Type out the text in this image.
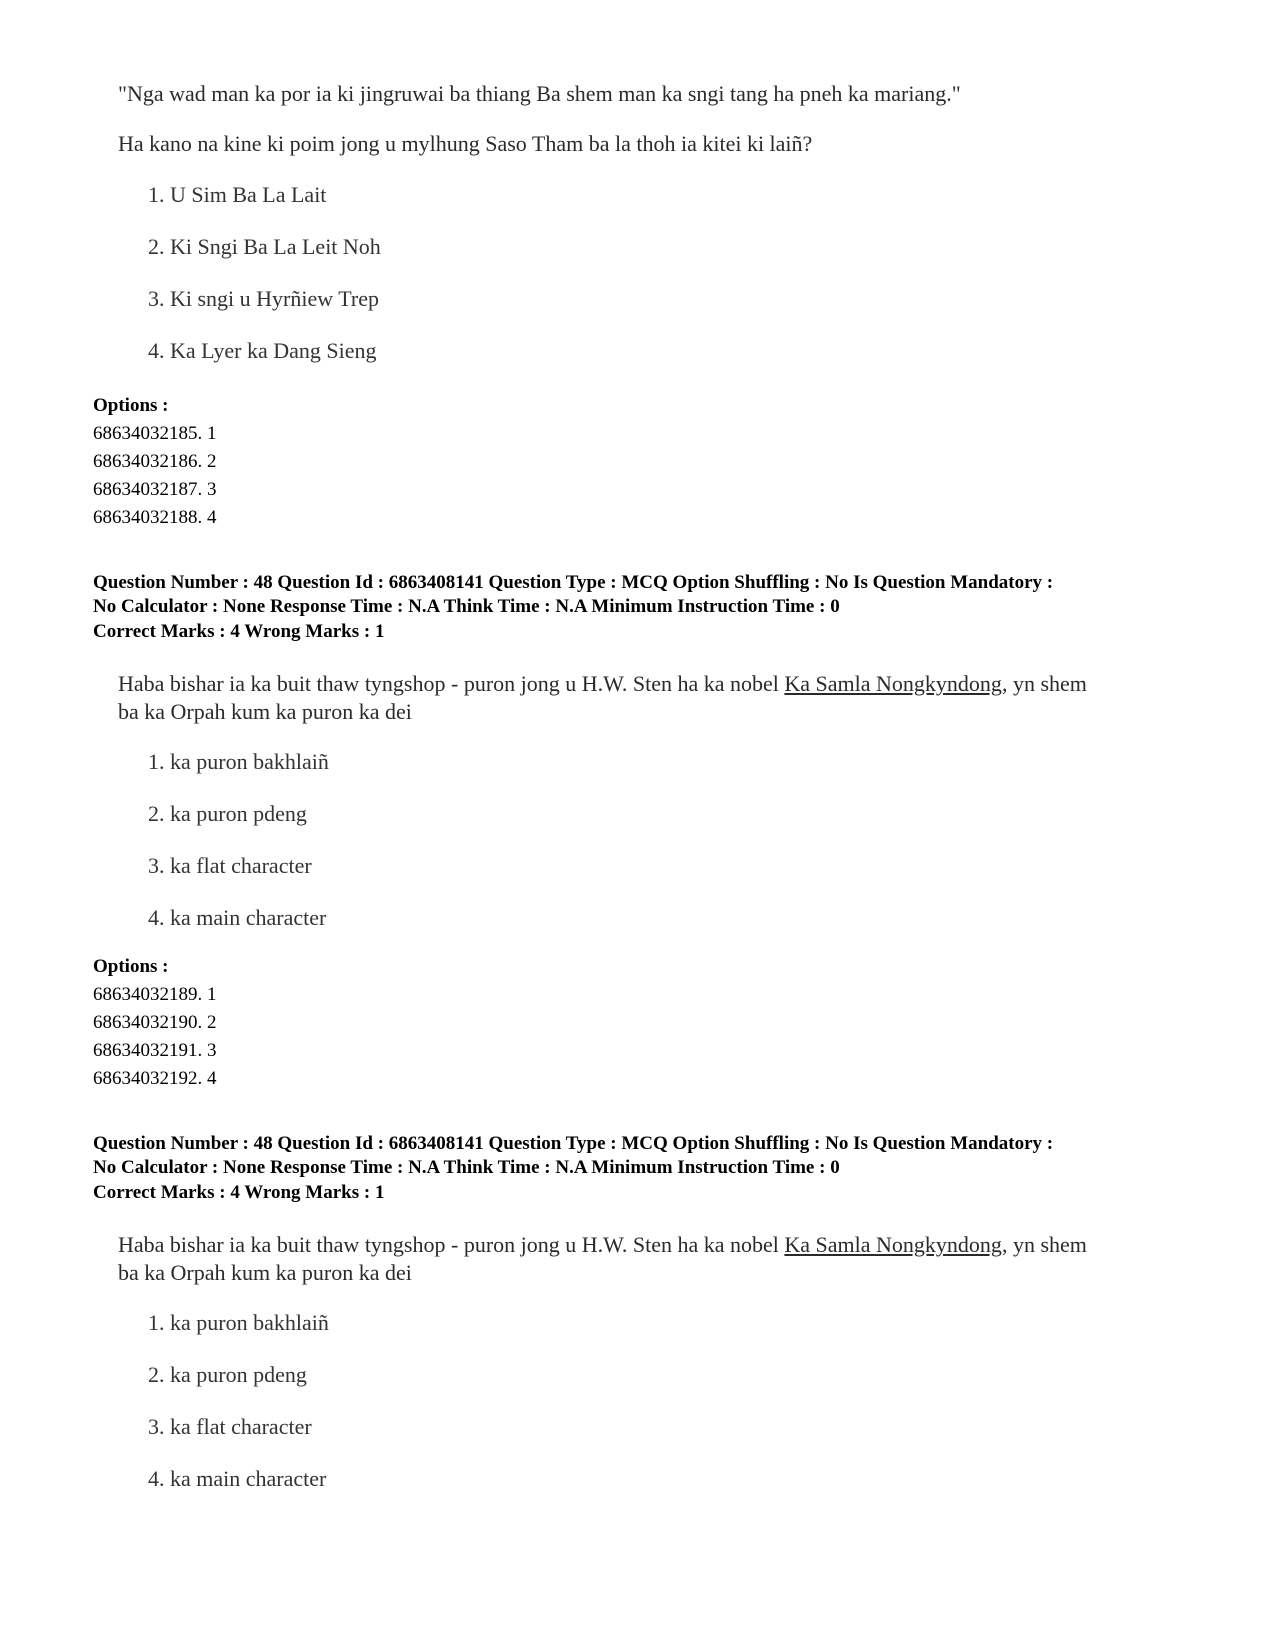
"Nga wad man ka por ia ki jingruwai ba thiang Ba shem man ka sngi tang ha pneh ka mariang."
Ha kano na kine ki poim jong u mylhung Saso Tham ba la thoh ia kitei ki laiñ?
1. U Sim Ba La Lait
2. Ki Sngi Ba La Leit Noh
3. Ki sngi u Hyrñiew Trep
4. Ka Lyer ka Dang Sieng
Options :
68634032185. 1
68634032186. 2
68634032187. 3
68634032188. 4
Question Number : 48 Question Id : 6863408141 Question Type : MCQ Option Shuffling : No Is Question Mandatory :
No Calculator : None Response Time : N.A Think Time : N.A Minimum Instruction Time : 0
Correct Marks : 4 Wrong Marks : 1
Haba bishar ia ka buit thaw tyngshop - puron jong u H.W. Sten ha ka nobel Ka Samla Nongkyndong, yn shem
ba ka Orpah kum ka puron ka dei
1. ka puron bakhlaiñ
2. ka puron pdeng
3. ka flat character
4. ka main character
Options :
68634032189. 1
68634032190. 2
68634032191. 3
68634032192. 4
Question Number : 48 Question Id : 6863408141 Question Type : MCQ Option Shuffling : No Is Question Mandatory :
No Calculator : None Response Time : N.A Think Time : N.A Minimum Instruction Time : 0
Correct Marks : 4 Wrong Marks : 1
Haba bishar ia ka buit thaw tyngshop - puron jong u H.W. Sten ha ka nobel Ka Samla Nongkyndong, yn shem
ba ka Orpah kum ka puron ka dei
1. ka puron bakhlaiñ
2. ka puron pdeng
3. ka flat character
4. ka main character
